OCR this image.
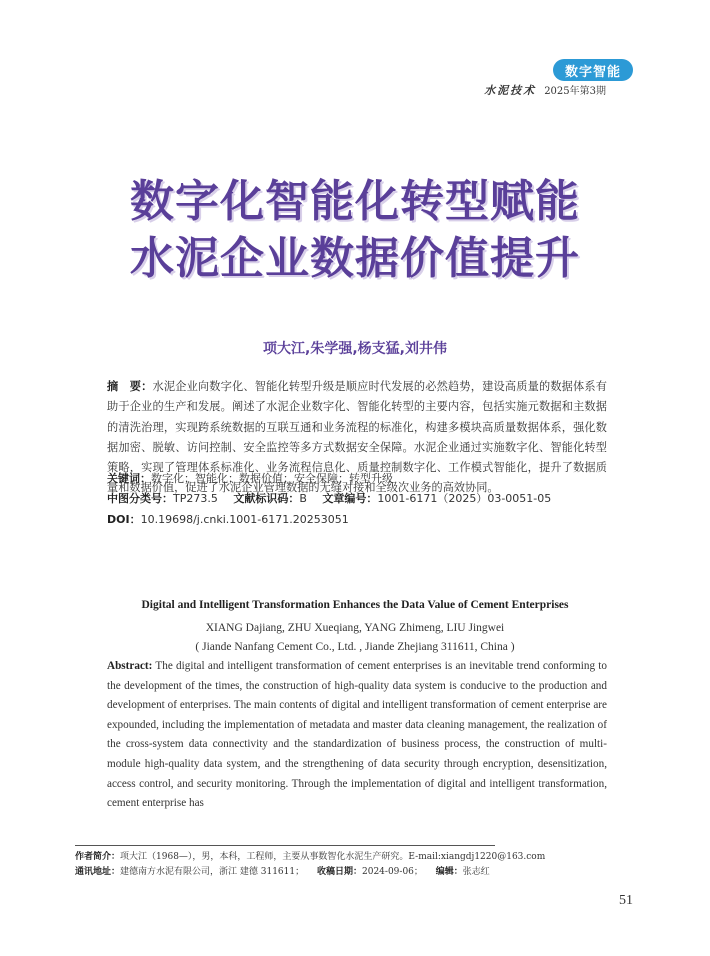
数字智能
水泥技术 2025年第3期
数字化智能化转型赋能
水泥企业数据价值提升
项大江,朱学强,杨支猛,刘井伟
摘　要：水泥企业向数字化、智能化转型升级是顺应时代发展的必然趋势，建设高质量的数据体系有助于企业的生产和发展。阐述了水泥企业数字化、智能化转型的主要内容，包括实施元数据和主数据的清洗治理，实现跨系统数据的互联互通和业务流程的标准化，构建多模块高质量数据体系，强化数据加密、脱敏、访问控制、安全监控等多方式数据安全保障。水泥企业通过实施数字化、智能化转型策略，实现了管理体系标准化、业务流程信息化、质量控制数字化、工作模式智能化，提升了数据质量和数据价值，促进了水泥企业管理数据的无缝对接和全级次业务的高效协同。
关键词：数字化；智能化；数据价值；安全保障；转型升级
中图分类号：TP273.5 文献标识码：B 文章编号：1001-6171（2025）03-0051-05
DOI：10.19698/j.cnki.1001-6171.20253051
Digital and Intelligent Transformation Enhances the Data Value of Cement Enterprises
XIANG Dajiang, ZHU Xueqiang, YANG Zhimeng, LIU Jingwei
( Jiande Nanfang Cement Co., Ltd. , Jiande Zhejiang 311611, China )
Abstract: The digital and intelligent transformation of cement enterprises is an inevitable trend conforming to the development of the times, the construction of high-quality data system is conducive to the production and development of enterprises. The main contents of digital and intelligent transformation of cement enterprise are expounded, including the implementation of metadata and master data cleaning management, the realization of the cross-system data connectivity and the standardization of business process, the construction of multi-module high-quality data system, and the strengthening of data security through encryption, desensitization, access control, and security monitoring. Through the implementation of digital and intelligent transformation, cement enterprise has
作者简介：项大江（1968—），男，本科，工程师，主要从事数智化水泥生产研究。E-mail:xiangdj1220@163.com
通讯地址：建德南方水泥有限公司，浙江 建德 311611； 收稿日期：2024-09-06； 编辑：张志红
51
